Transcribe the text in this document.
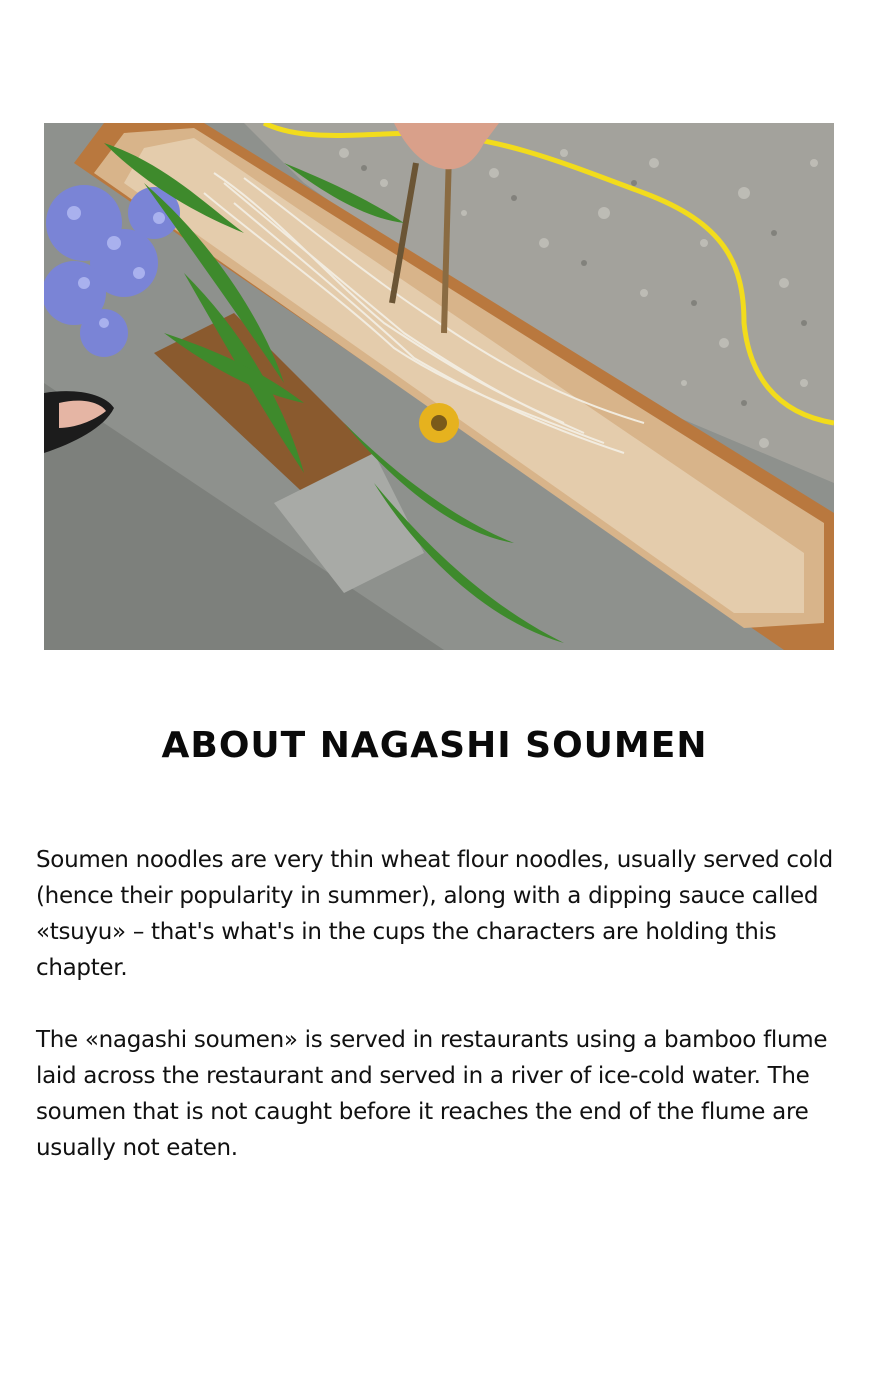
ABOUT NAGASHI SOUMEN

Soumen noodles are very thin wheat flour noodles, usually served cold (hence their popularity in summer), along with a dipping sauce called «tsuyu» – that's what's in the cups the characters are holding this chapter.

The «nagashi soumen» is served in restaurants using a bamboo flume laid across the restaurant and served in a river of ice-cold water. The soumen that is not caught before it reaches the end of the flume are usually not eaten.
